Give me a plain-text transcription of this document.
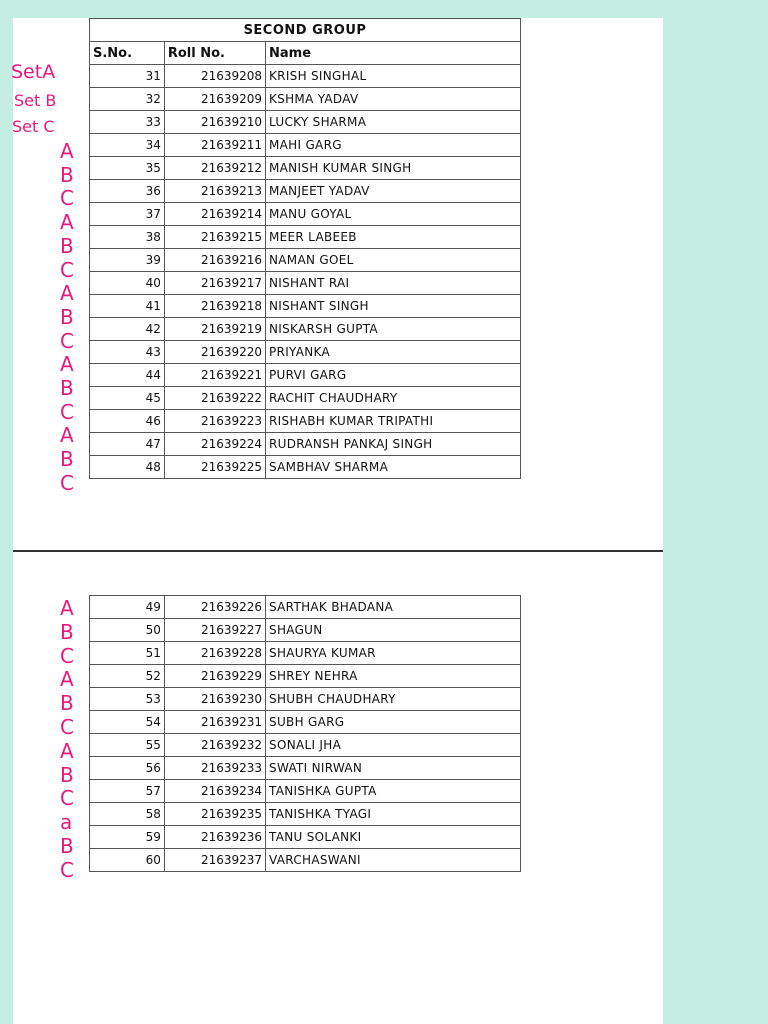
SECOND GROUP		
S.No.	Roll No.	Name
31	21639208	KRISH SINGHAL
32	21639209	KSHMA YADAV
33	21639210	LUCKY SHARMA
34	21639211	MAHI GARG
35	21639212	MANISH KUMAR SINGH
36	21639213	MANJEET YADAV
37	21639214	MANU GOYAL
38	21639215	MEER LABEEB
39	21639216	NAMAN GOEL
40	21639217	NISHANT RAI
41	21639218	NISHANT SINGH
42	21639219	NISKARSH GUPTA
43	21639220	PRIYANKA
44	21639221	PURVI GARG
45	21639222	RACHIT CHAUDHARY
46	21639223	RISHABH KUMAR TRIPATHI
47	21639224	RUDRANSH PANKAJ SINGH
48	21639225	SAMBHAV SHARMA
49	21639226	SARTHAK BHADANA
50	21639227	SHAGUN
51	21639228	SHAURYA KUMAR
52	21639229	SHREY NEHRA
53	21639230	SHUBH CHAUDHARY
54	21639231	SUBH GARG
55	21639232	SONALI JHA
56	21639233	SWATI NIRWAN
57	21639234	TANISHKA GUPTA
58	21639235	TANISHKA TYAGI
59	21639236	TANU SOLANKI
60	21639237	VARCHASWANI
SetA
Set B
Set C
A
B
C
A
B
C
A
B
C
A
B
C
A
B
C
A
B
C
A
B
C
A
B
C
a
B
C
